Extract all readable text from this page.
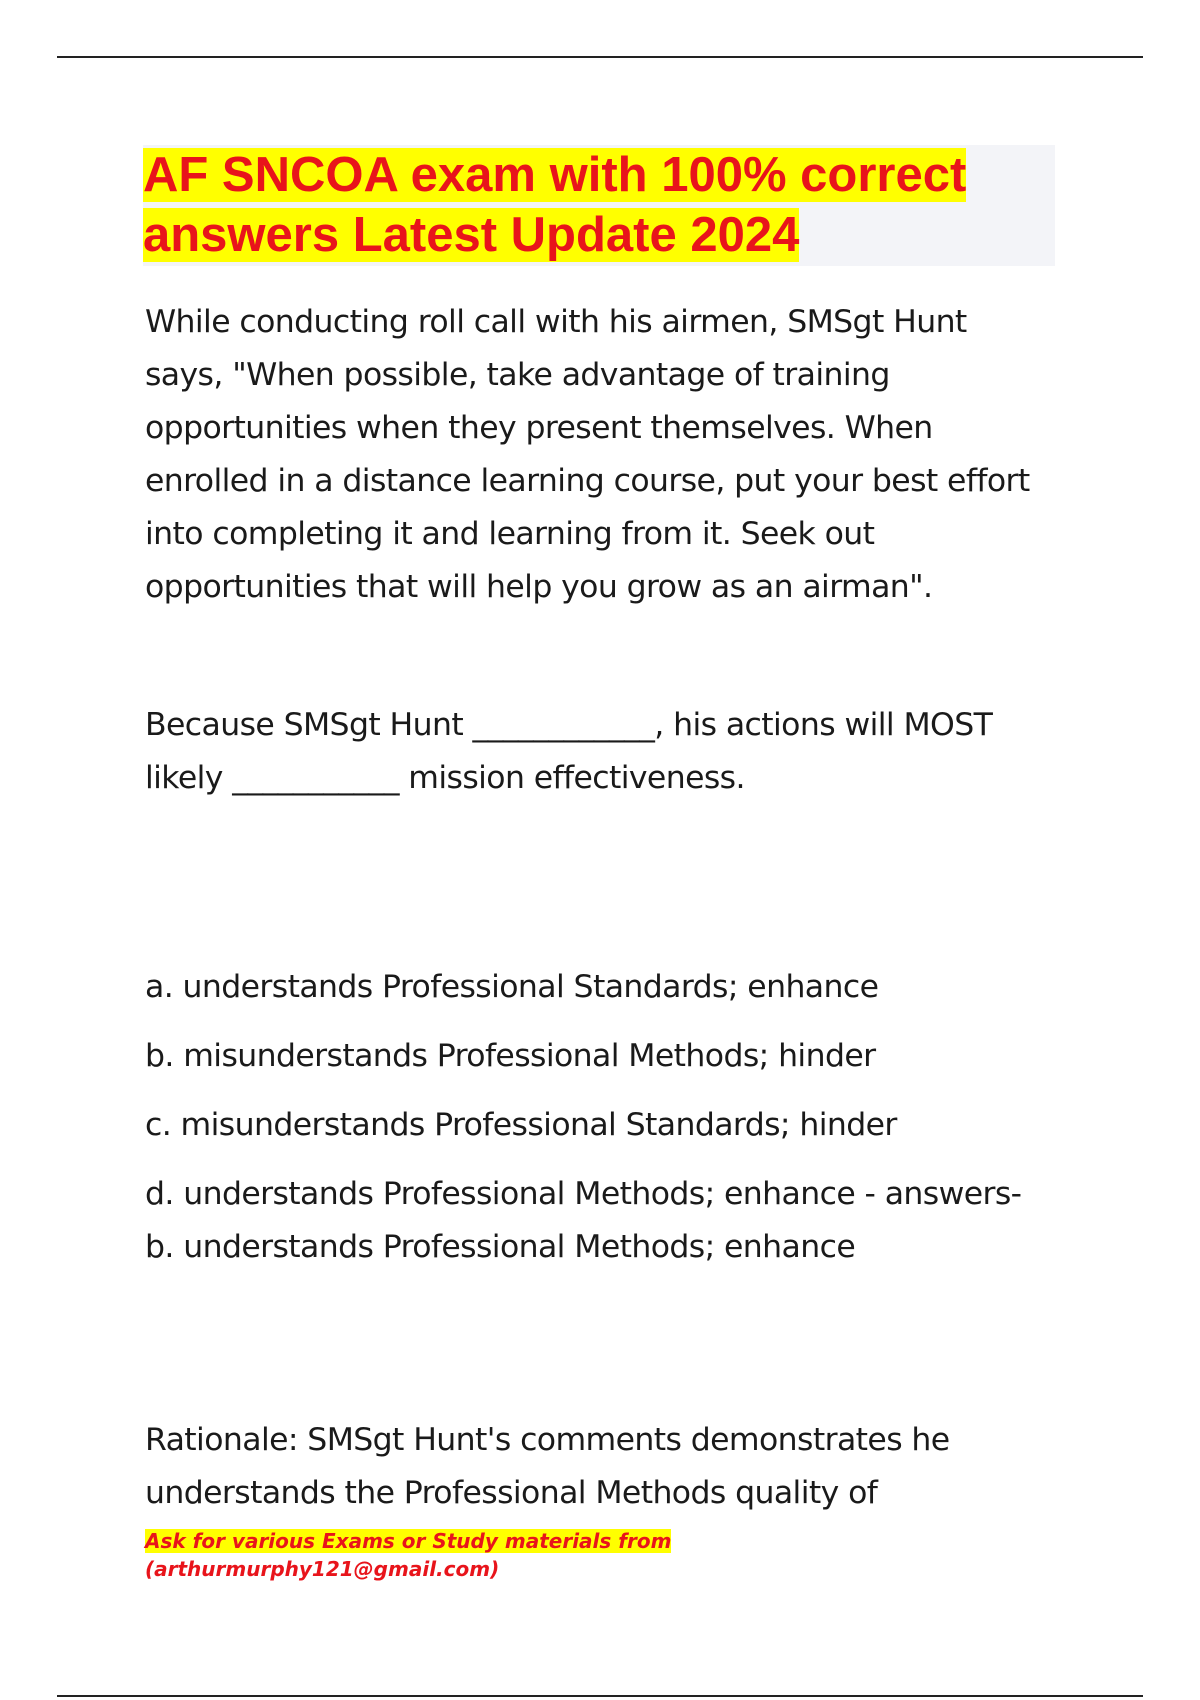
AF SNCOA exam with 100% correct
answers Latest Update 2024

While conducting roll call with his airmen, SMSgt Hunt says, "When possible, take advantage of training opportunities when they present themselves. When enrolled in a distance learning course, put your best effort into completing it and learning from it. Seek out opportunities that will help you grow as an airman".

Because SMSgt Hunt ____________, his actions will MOST likely ___________ mission effectiveness.

a. understands Professional Standards; enhance
b. misunderstands Professional Methods; hinder
c. misunderstands Professional Standards; hinder
d. understands Professional Methods; enhance - answers-b. understands Professional Methods; enhance

Rationale: SMSgt Hunt's comments demonstrates he understands the Professional Methods quality of

Ask for various Exams or Study materials from
(arthurmurphy121@gmail.com)
